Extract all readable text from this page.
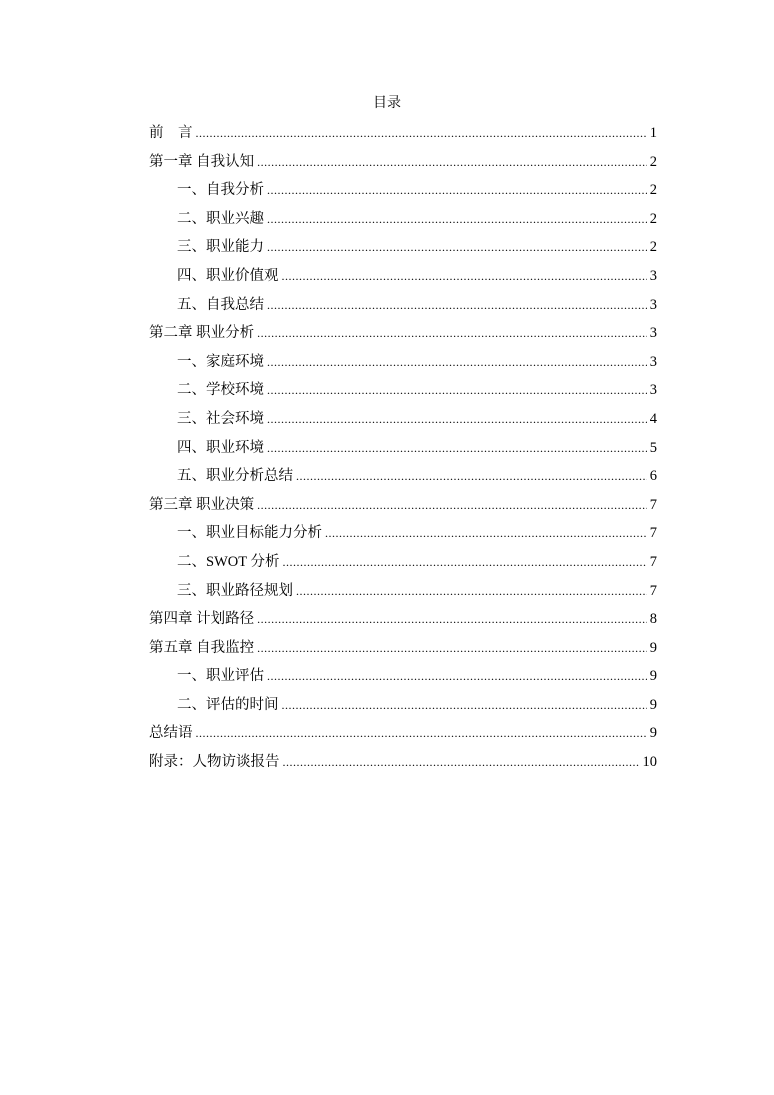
目录
前　言 .....	1
第一章 自我认知 .....	2
一、自我分析 .....	2
二、职业兴趣 .....	2
三、职业能力 .....	2
四、职业价值观 .....	3
五、自我总结 .....	3
第二章 职业分析 .....	3
一、家庭环境 .....	3
二、学校环境 .....	3
三、社会环境 .....	4
四、职业环境 .....	5
五、职业分析总结 .....	6
第三章 职业决策 .....	7
一、职业目标能力分析 .....	7
二、SWOT 分析 .....	7
三、职业路径规划 .....	7
第四章 计划路径 .....	8
第五章 自我监控 .....	9
一、职业评估 .....	9
二、评估的时间 .....	9
总结语 .....	9
附录：人物访谈报告 .....	10
